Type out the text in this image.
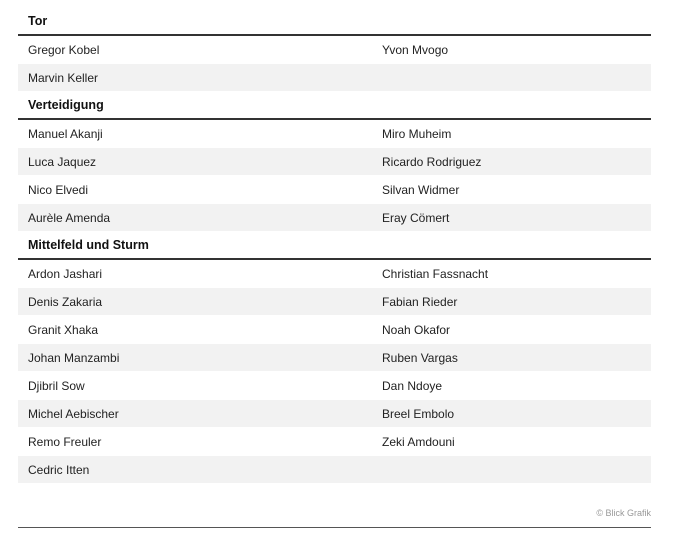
Tor
Gregor Kobel	Yvon Mvogo
Marvin Keller
Verteidigung
Manuel Akanji	Miro Muheim
Luca Jaquez	Ricardo Rodriguez
Nico Elvedi	Silvan Widmer
Aurèle Amenda	Eray Cömert
Mittelfeld und Sturm
Ardon Jashari	Christian Fassnacht
Denis Zakaria	Fabian Rieder
Granit Xhaka	Noah Okafor
Johan Manzambi	Ruben Vargas
Djibril Sow	Dan Ndoye
Michel Aebischer	Breel Embolo
Remo Freuler	Zeki Amdouni
Cedric Itten
© Blick Grafik
